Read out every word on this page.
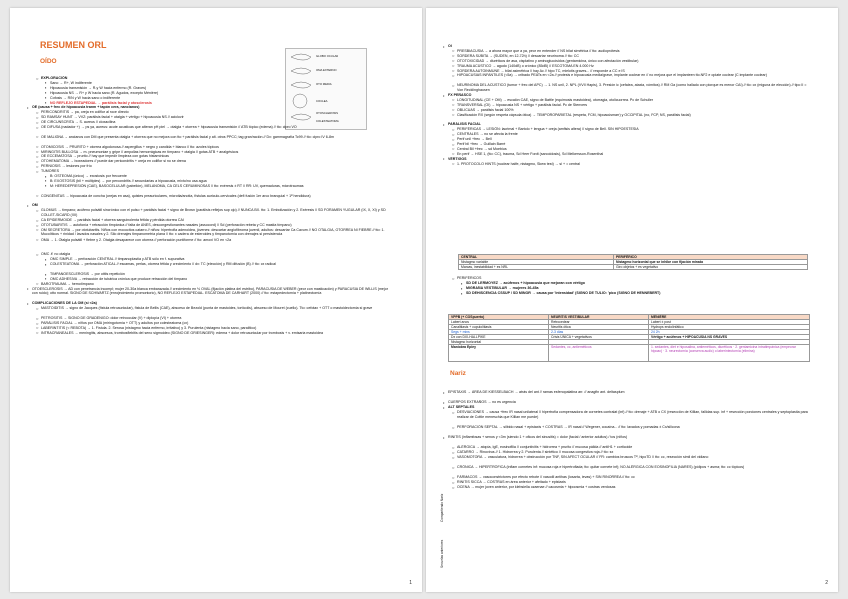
RESUMEN ORL
OÍDO
GLOBO OCULAR
OMA EXTERNO
OTO MEDIA
COCLEA
OTOSCLEROSIS
COLESTEATOMA
1
○ EXPLORACIÓN
▪ Sano → R+, W indiferente
▪ Hipoacusia transmisión → R-y W hacia enfermo (R. Graves)
▪ Hipoacusia NS → R+ y W hacia sano (R. Agudos, excepto Ménière)
▪ Cofosis → R/N y W hacia sano o indiferente
▪ NO REFLEJO ESTAPEDIAL → parálisis facial y otosclerosis
• OE (causa + frec de hipoacusia tranm + tapón cera, nancianos)
○ PERICONDRITIS → pa, oreja en coliflor al roce directo
○ SD RAMSAY HUNT → VVZ: parálisis facial + otalgia + vértigo + hipoacusia NS // aciclovir
○ OE CIRCUNSCRITA → S. aureus // cloxacilina
○ OE DIFUSA (nadador +) → ps ya, aureus: acute acusticas que alteran pH piel → otalgia + otorrea + hipoacusia transmisión // ATB tópico (edema) // tto: cipro VO
○ OE MALIGNA → ancianos con DM que presenta otalgia + otorrea que no mejora con tto + parálisis facial y alt. otros PPCC; tag gran/ración // Dx: gammagrafía Tc99 // tto: cipro IV 6-8m
○ OTOMICOSIS → PRURITO + otorrea algodonosa // aspergillus + negro y candida + blanco // tto: azoles tópicos
○ MIRINGITIS BULLOSA → m. pneumoniae y gripe // ampollas hemorrágicas en tímpano + otalgia // gotas ATB + analgésicos
○ OE ECCEMATOSA → prurito // hay que impedir limpieza con gotas histamínicas
○ OTOHEMATOMA → boxeadores // puede dar pericondritis + oreja en coliflor si no se drena
○ PERNIOSIS → lesiones por frío
○ TUMORES
▪ B: OSTEOMA (único) → exostosis por frecuente
▪ B: EXOSTOSIS (bil + múltiples) → por percondritis // secundarias a hipoacusia, mixto/no usa agua
▪ M: HEREDEPRESIÓN (CAE), BASOCELULAR (pabellón), MELANOMA, CA CELS CERUMINOSAS // tto: exéresis ± RT // RR: UV, quemaduras, microtraumas
○ CONGÉNITAS → hipoacusia de concha (orejas en asa), quistes preauriculares, microtia/anotia, fístulas auriculo-cervicales (defi fusión 1er arco branquial + 1ª hendidura)
• OM
○ GLOMUS → tímpano; acúfeno pulsátil sincrónico con el pulso + parálisis facial + signo de Brown (parálisis reflejos sup ojo) // NUNCA BX. tto: 1. Embolización y 2. Exéresis // SD FORAMEN YUGULAR (IX, X, XI) y SD COLLET-SICARD (XII)
○ CA EPIDERMOIDE → parálisis facial + otorrea sanguinolenta fétida y pérdida otorrea CAI
○ OTOTUBARITIS → autofonía + retracción timpánica // falta de ANES, descongestionantes nasales (assocord) // Sd (perforación rebeta y CC mastia tímpano)
○ OM SECRETORA → por ototubaritis. Niños con mococitos catarro // niños: hipertrofia adenoidea, jóvenes: descartar angiofibroma juvenil, adultos: descartar Ca Cavum // NO OTALGIA, OTORREA NI FIEBRE // tto: 1. Mucolíticos + rinidad / lavados nasales y 2. Silo drenajes timpanometría plana // tto: x cadera de esteroides y timpanotomía con drenajes si persistencia
○ OMA → 1. Otalgia pulsátil + fiebre y 2. Otalgia desaparece con otorrea // perforación puntiforme // tto: amoxi VO en <2a
○ OMC ✗ no otalgia
▪ OMC SIMPLE → perforación CENTRAL // timpanoplastia y ATB sólo en f. supurativa
▪ COLESTEATOMA → perforación ATICAL // escamas, perlas, otorrea fétida y crecimiento // dx: TC (elección) y RM difusión (B) // tto: cx radical
▪ TIMPANOESCLEROSIS → por otitis repetición
▪ OMC ADHESIVA → retracción de tubárica crónica que produce retracción del tímpano
○ BAROTRAUMA → hemotímpano
• OTOESCLEROSIS → AD con penetrancia incompl; mujer 20-30a blanca embarazada // crecimiento en ⅓ OVAL (fijación platina del estribo), PARACUSIA DE WEBER (peor con masticación) y PARACUSIA DE WILLIS (mejor con ruido); otto normal. SIGNO DE SCHWARTZ (enrojecimiento promontorio), NO REFLEJO ESTAPEDIAL. ESCATOMA DE CARHART (2000) // tto: estapedectomía + platinectomía
• COMPLICACIONES DE LA OM (si <2a)
○ MASTOIDITIS → signo de Jacques (fístula retroauricular), fístula de Bellis (CAE), absceso de Bezold (punta de mastoides, tortícolis), absceso de Mouret (cuello). Tto: cefotax + OTT o mastoidectomía si grave
○ PETROSITIS → SIGNO DE GRADENIGO: dolor retroocular (V) + diplopía (VI) + otorrea
○ PARÁLISIS FACIAL → niños por OMA (miringotomía + OTT) y adultos por colesteatoma (cx)
○ LABERINTITIS (< REBOTA) → 1. Fístula. 2. Serosa (nistagmo hacia enfermo, irritativo) y 3. Purulenta (nistagmo hacia sano, paralítico)
○ INTRACRANEALES → meningitis, abscesos, trombosflebitis del seno sigmoideo (SIGNO DE GRIESINGER): edema + dolor retroauricular por trombosis + v. emisaria mastoidea
CENTRAL	PERIFÉRICO
Nistagmo variable	Nistagmo horizontal que se inhibe con fijación mirada
Marcas, inestabilidad + es NRL	Giro objetos + es vegetativo
VPPB (+ COSpuerto)	NEURITIS VESTIBULAR	MÉNIÈRE
Labert anos	Retrocedear	Labert ± post
Canalitiasis + cupulolitiasis	Neuritis ótica	Hydrops endolinfático
Segs + mins	2-3 días	24 2h
Dx con DIX-HALLPIKE	Crisis ÚNICA + vegetativos	Vértigo + acúfenos + HIPOACUSIA NS GRAVES
Nistagmo horizontal		
Maniobra Epley	Sedantes, cc, antieméticos	1. sedantes, diet e hiposalina, antieméticos, diuréticos · 2. gentamicina intratimpánica (empeorar hipoac) · 3. neurectomía (conserva audic) o laberintectomía (elimina)
Nariz
Compartiendo Nariz
Secuelas anteriores
2
• OI
○ PRESBIACUSIA → a ahora mayor que a ya, peor en entender // NS bilat simétrica // tto: audioprótesis
○ SORDERA SÚBITA → (SUDEN, en 12-72h) // descartar neurinoma // tto: CC
○ OTOTOXICIDAD → diuréticos de asa, cisplatino y aminoglucósidos (gentamicina, único con afectación vestibular)
○ TRAUMA ACÚSTICO → agudo (140dB) o crónico (85dB) // ESCOTOMA EN 4.000 Hz
○ SORDERA AUTOINMUNE → bilat asimétrica // hay Ac // hipo TC, mielotis graves... // responde a CC e IS
○ HIPOACUSIAS INFANTILES (<5a) → cribado PEATs en <2a // protesis e hipoacusia media/grave, implante coclear en // no mejora que el implanteen tto.NF2 e opiate coclear (C implante coclear)
○ NEURINOMA DEL ACÚSTICO (tumor + frec del APC) → 1. NS unil, 2. NPL (VVII Hapis), 3. Presión ic (cefalea, ataxia, vómitos) // RM Ga (como hallado con piorque es menor CAI) // tto: cx (miguna de elección) // tipo II = Von Recklinghausen
• FX PEÑASCO
○ LONGITUDINAL (CE + OM) → escalón CAE, signo de Battle (equimosis mastoidea), otorragia, otolicuorrea. Pc de Schuller
○ TRANSVERSAL (OI) → hipoacusia NS + vértigo + parálisis facial. Pc de Stenvers
○ OBLICUAS → parálisis facial 100%
○ Clasificación RX (según respeta cápsula ótica) → TEMPOROPARIETAL (respeta, FCM, hipoacúsmarr) y OCCIPITAL (no, FCP, NS, parálisis facial)
• PARÁLISIS FACIAL
○ PERIFÉRICAS → LESIÓN: lacrimal + Bartolo + lengua + oreja (amfisis altera) // signo de Bell. SIN HIPOESTESIA
○ CENTRALES → no se afecta la frente
○ Perif unil +frec → Bell
○ Perif bil +frec → Guillain Barré
○ Central Bil +frec → sd Moebius
○ En perif → HSE 1, (tto: CC), trauma, Sd Heer Fordt (sarcoidosis), Sd Melkersson-Rosenthal
• VÉRTIGOS
○ 1. PROTOCOLO HINTS (nuclear halfe, nistagmo, Skew test) → si + = central
○ PERIFÉRICOS
▪ SD DE LERMOYEZ → acúfenos + hipoacusia que mejoran con vértigo
▪ MIGRAÑA VESTIBULAR → mujeres 36-45a
▪ SD DEHISCENCIA CSSUP / SD MINOR → causa por 'intensidad' (SIGNO DE TULIO: 'pico (SIGNO DE HENNEBERT)
• EPISTAXIS → ÁREA DE KIESSELBACH → atrás del ant // ramas esfenopalatina arr. // anagfin ant. deltasplum
• CUERPOS EXTRAÑOS → no es urgencia
• ALT SEPTALES
○ DESVIACIONES → causa +frec IR nasal unilateral // hipertrofia compensadora de cornetes contralat (inf) // tto: drenaje + ATB o CX (resección de Killian, fallidas sup. inf + resección porciones centrales y septoplastia para realizar de Cottle meneschia que Killian me puede)
○ PERFORACIÓN SEPTAL → silbido nasal + epistaxis + COSTRAS → IR nasal // Wegener, cocaína... // tto: lavados y pomadas ± Cx/silicona
• RINITIS (inflamfosas + senos y <3m (siendo 1 + oficos del sinusitis) = dolor (facial / anterior adultos) / tos (niños)
○ ALÉRGICA → atopía, IgE, eosinofilia // conjuntivitis + hidrorrea + prurito // mucosa pálida // antiH1 + corticoide
○ CATARRO → Rinovirus // 1. Hidrorrea y 2. Purulenta // sintético // mucosa congestiva roja // tto: sx
○ VASOMOTORA → vasculatura, hidrorrea + obstrucción por TNF, SIN AFECT OCULAR // FR: cambios bruscos Tª, hipoTD // tto: cc, resección simil del vidiano
○ CRÓNICA → HIPERTRÓFICA (inflam cornetes inf: mucosa roja e hipertrofiada; tto: quitar cornete inf); NO ALÉRGICA CON EOSINOFILIA (NARES) (pólipos + asma; tto: cc tópicos)
○ FÁRMACOS → vasoconstrictores por efecto rebote // vasodil antihas (losarta, ievas) + SIN RINORREA // tto: cc
○ RINITIS SICCA → COSTRAS en área anterior + afeitado + epistaxis
○ OCENA → mujer joven anterior, por klebsiella ozaenae // cacosmia + hipoosmia + costras verdosas
